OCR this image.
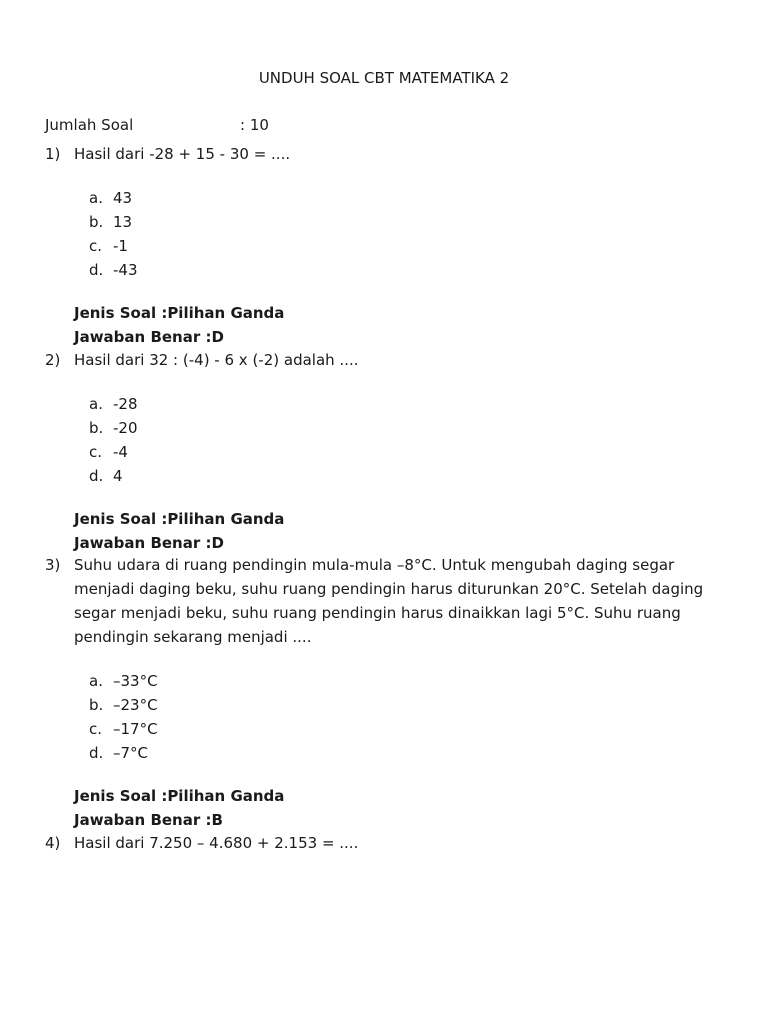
UNDUH SOAL CBT MATEMATIKA 2

Jumlah Soal	: 10

1) Hasil dari -28 + 15 - 30 = ....
a. 43
b. 13
c. -1
d. -43
Jenis Soal :Pilihan Ganda
Jawaban Benar :D
2) Hasil dari 32 : (-4) - 6 x (-2) adalah ....
a. -28
b. -20
c. -4
d. 4
Jenis Soal :Pilihan Ganda
Jawaban Benar :D
3) Suhu udara di ruang pendingin mula-mula –8°C. Untuk mengubah daging segar menjadi daging beku, suhu ruang pendingin harus diturunkan 20°C. Setelah daging segar menjadi beku, suhu ruang pendingin harus dinaikkan lagi 5°C. Suhu ruang pendingin sekarang menjadi ....
a. –33°C
b. –23°C
c. –17°C
d. –7°C
Jenis Soal :Pilihan Ganda
Jawaban Benar :B
4) Hasil dari 7.250 – 4.680 + 2.153 = ....
